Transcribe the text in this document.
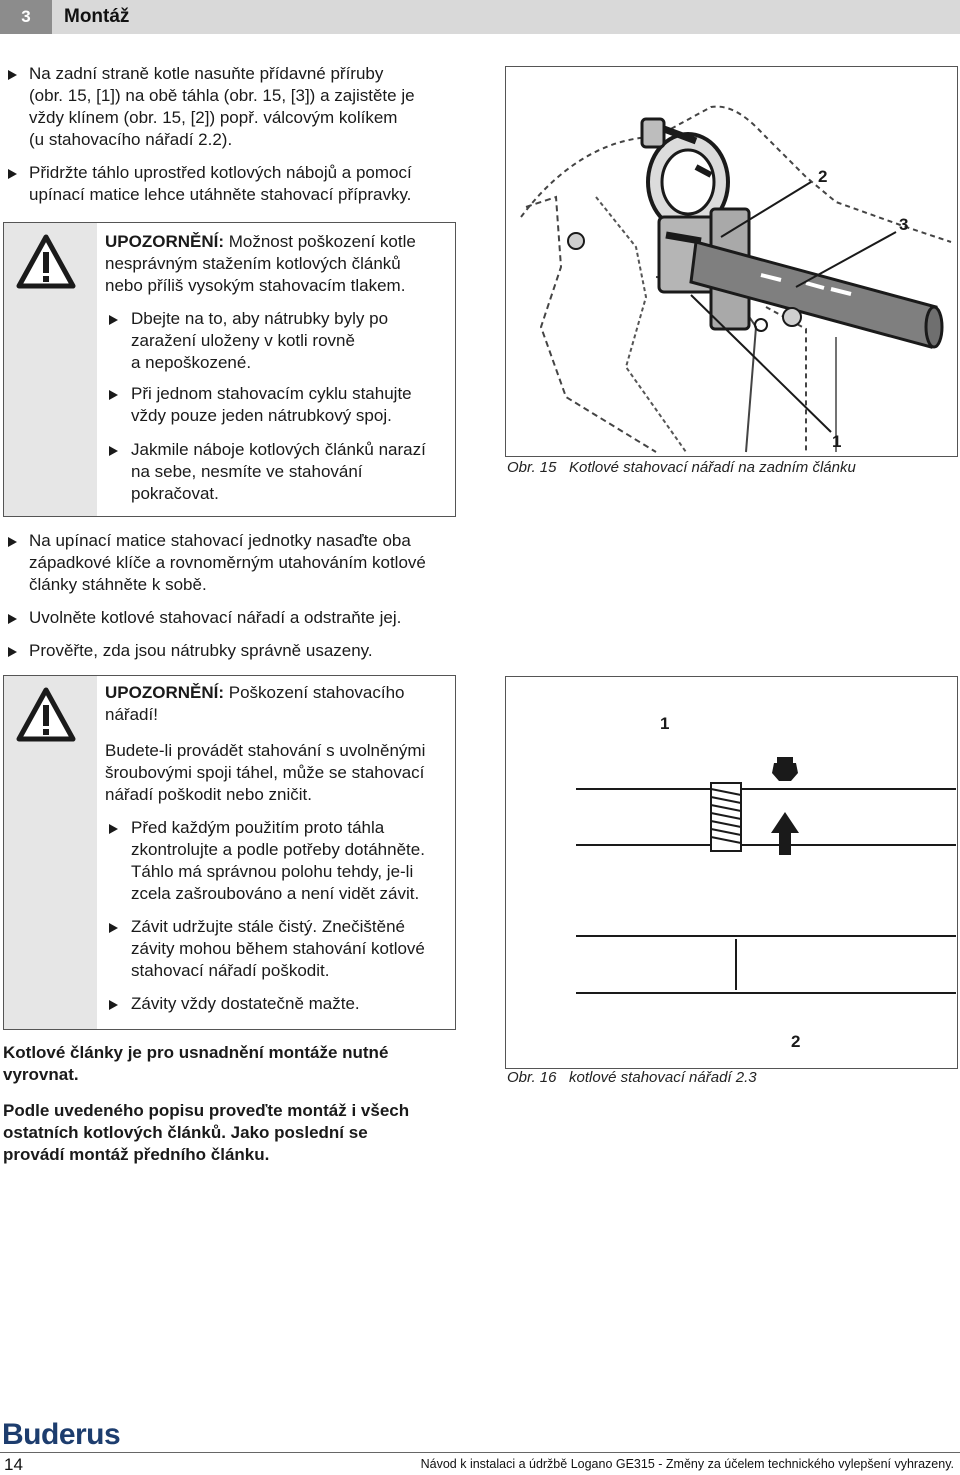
3	Montáž
Na zadní straně kotle nasuňte přídavné příruby
(obr. 15, [1]) na obě táhla (obr. 15, [3]) a zajistěte je
vždy klínem (obr. 15, [2]) popř. válcovým kolíkem
(u stahovacího nářadí 2.2).
Přidržte táhlo uprostřed kotlových nábojů a pomocí
upínací matice lehce utáhněte stahovací přípravky.
UPOZORNĚNÍ: Možnost poškození kotle
nesprávným stažením kotlových článků
nebo příliš vysokým stahovacím tlakem.
Dbejte na to, aby nátrubky byly po
zaražení uloženy v kotli rovně
a nepoškozené.
Při jednom stahovacím cyklu stahujte
vždy pouze jeden nátrubkový spoj.
Jakmile náboje kotlových článků narazí
na sebe, nesmíte ve stahování
pokračovat.
2
3
1
Obr. 15 Kotlové stahovací nářadí na zadním článku
Na upínací matice stahovací jednotky nasaďte oba
západkové klíče a rovnoměrným utahováním kotlové
články stáhněte k sobě.
Uvolněte kotlové stahovací nářadí a odstraňte jej.
Prověřte, zda jsou nátrubky správně usazeny.
UPOZORNĚNÍ: Poškození stahovacího
nářadí!
Budete-li provádět stahování s uvolněnými
šroubovými spoji táhel, může se stahovací
nářadí poškodit nebo zničit.
Před každým použitím proto táhla
zkontrolujte a podle potřeby dotáhněte.
Táhlo má správnou polohu tehdy, je-li
zcela zašroubováno a není vidět závit.
Závit udržujte stále čistý. Znečištěné
závity mohou během stahování kotlové
stahovací nářadí poškodit.
Závity vždy dostatečně mažte.
1
2
Obr. 16 kotlové stahovací nářadí 2.3
Kotlové články je pro usnadnění montáže nutné
vyrovnat.
Podle uvedeného popisu proveďte montáž i všech
ostatních kotlových článků. Jako poslední se
provádí montáž předního článku.
Buderus
14	Návod k instalaci a údržbě Logano GE315 - Změny za účelem technického vylepšení vyhrazeny.
